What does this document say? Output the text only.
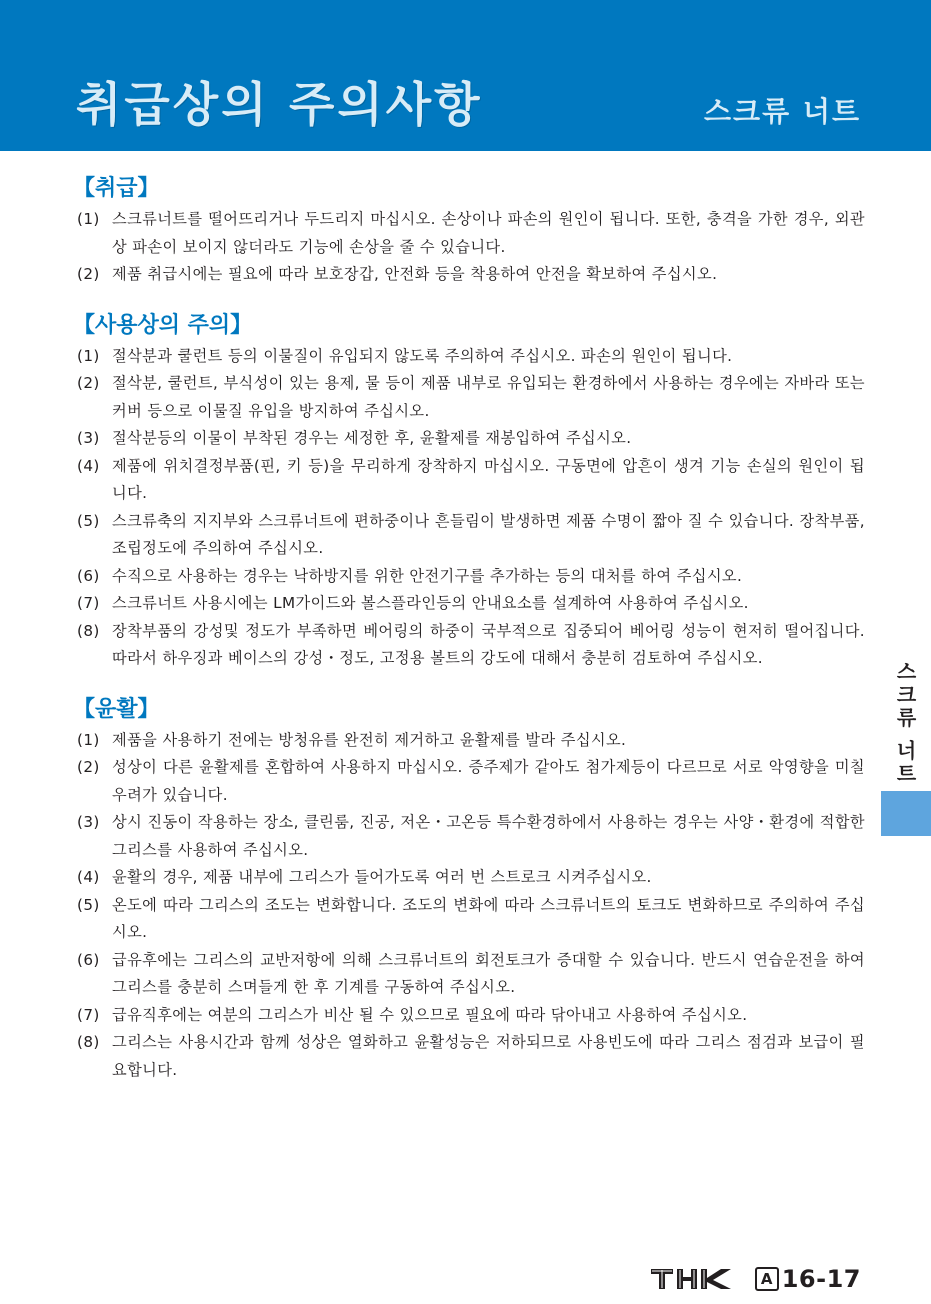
취급상의 주의사항	스크류 너트
【취급】
(1) 스크류너트를 떨어뜨리거나 두드리지 마십시오. 손상이나 파손의 원인이 됩니다. 또한, 충격을 가한 경우, 외관상 파손이 보이지 않더라도 기능에 손상을 줄 수 있습니다.
(2) 제품 취급시에는 필요에 따라 보호장갑, 안전화 등을 착용하여 안전을 확보하여 주십시오.
【사용상의 주의】
(1) 절삭분과 쿨런트 등의 이물질이 유입되지 않도록 주의하여 주십시오. 파손의 원인이 됩니다.
(2) 절삭분, 쿨런트, 부식성이 있는 용제, 물 등이 제품 내부로 유입되는 환경하에서 사용하는 경우에는 자바라 또는 커버 등으로 이물질 유입을 방지하여 주십시오.
(3) 절삭분등의 이물이 부착된 경우는 세정한 후, 윤활제를 재봉입하여 주십시오.
(4) 제품에 위치결정부품(핀, 키 등)을 무리하게 장착하지 마십시오. 구동면에 압흔이 생겨 기능 손실의 원인이 됩니다.
(5) 스크류축의 지지부와 스크류너트에 편하중이나 흔들림이 발생하면 제품 수명이 짧아 질 수 있습니다. 장착부품, 조립정도에 주의하여 주십시오.
(6) 수직으로 사용하는 경우는 낙하방지를 위한 안전기구를 추가하는 등의 대처를 하여 주십시오.
(7) 스크류너트 사용시에는 LM가이드와 볼스플라인등의 안내요소를 설계하여 사용하여 주십시오.
(8) 장착부품의 강성및 정도가 부족하면 베어링의 하중이 국부적으로 집중되어 베어링 성능이 현저히 떨어집니다. 따라서 하우징과 베이스의 강성・정도, 고정용 볼트의 강도에 대해서 충분히 검토하여 주십시오.
【윤활】
(1) 제품을 사용하기 전에는 방청유를 완전히 제거하고 윤활제를 발라 주십시오.
(2) 성상이 다른 윤활제를 혼합하여 사용하지 마십시오. 증주제가 같아도 첨가제등이 다르므로 서로 악영향을 미칠 우려가 있습니다.
(3) 상시 진동이 작용하는 장소, 클린룸, 진공, 저온・고온등 특수환경하에서 사용하는 경우는 사양・환경에 적합한 그리스를 사용하여 주십시오.
(4) 윤활의 경우, 제품 내부에 그리스가 들어가도록 여러 번 스트로크 시켜주십시오.
(5) 온도에 따라 그리스의 조도는 변화합니다. 조도의 변화에 따라 스크류너트의 토크도 변화하므로 주의하여 주십시오.
(6) 급유후에는 그리스의 교반저항에 의해 스크류너트의 회전토크가 증대할 수 있습니다. 반드시 연습운전을 하여 그리스를 충분히 스며들게 한 후 기계를 구동하여 주십시오.
(7) 급유직후에는 여분의 그리스가 비산 될 수 있으므로 필요에 따라 닦아내고 사용하여 주십시오.
(8) 그리스는 사용시간과 함께 성상은 열화하고 윤활성능은 저하되므로 사용빈도에 따라 그리스 점검과 보급이 필요합니다.
스크류 너트
A 16-17
